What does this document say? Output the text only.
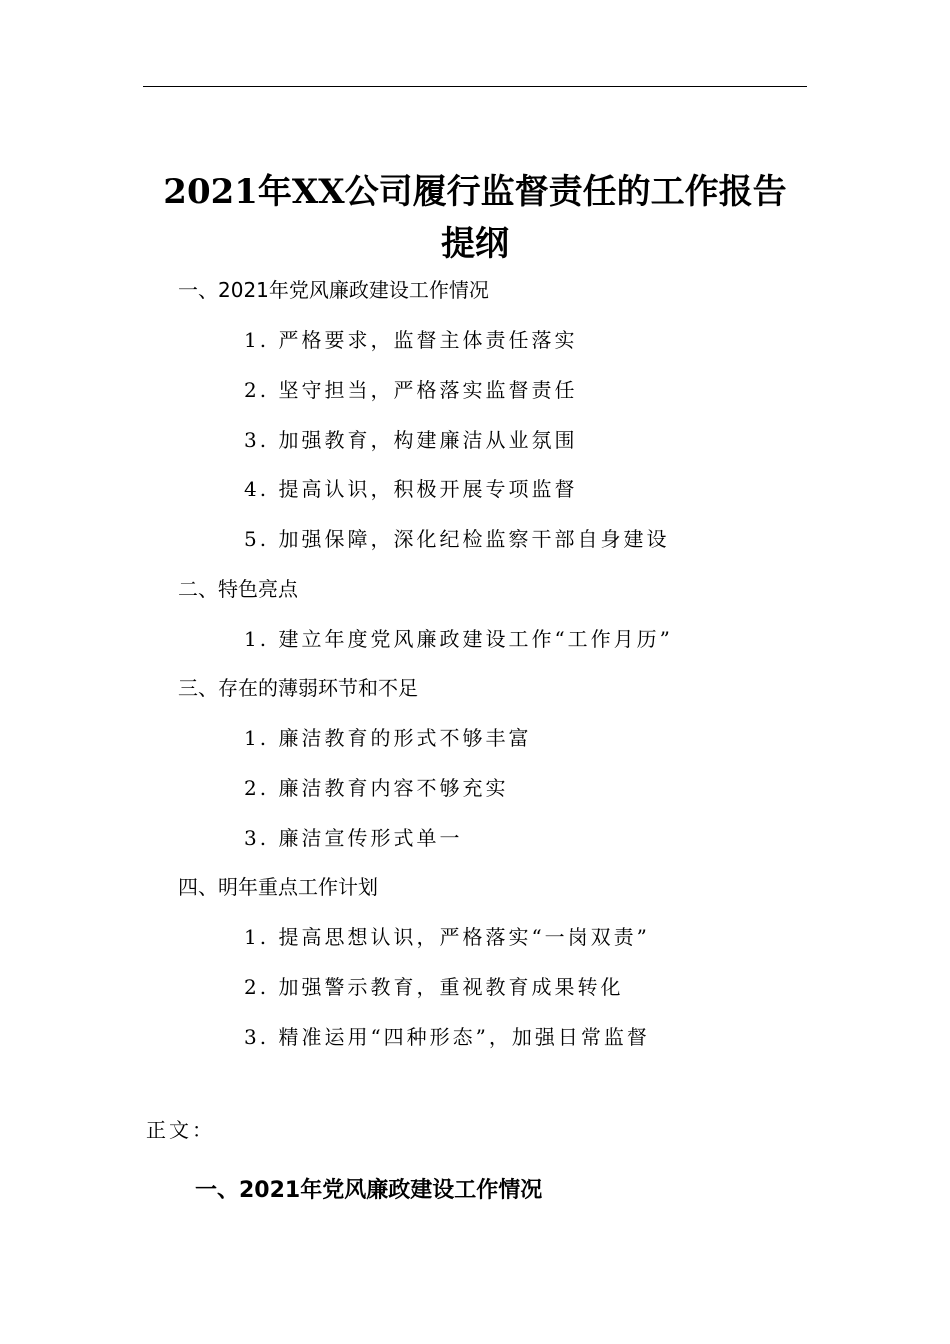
2021年XX公司履行监督责任的工作报告
提纲

一、2021年党风廉政建设工作情况

1. 严格要求，监督主体责任落实

2. 坚守担当，严格落实监督责任

3. 加强教育，构建廉洁从业氛围

4. 提高认识，积极开展专项监督

5. 加强保障，深化纪检监察干部自身建设

二、特色亮点

1. 建立年度党风廉政建设工作“工作月历”

三、存在的薄弱环节和不足

1. 廉洁教育的形式不够丰富

2. 廉洁教育内容不够充实

3. 廉洁宣传形式单一

四、明年重点工作计划

1. 提高思想认识，严格落实“一岗双责”

2. 加强警示教育，重视教育成果转化

3. 精准运用“四种形态”，加强日常监督

正文：

一、2021年党风廉政建设工作情况
